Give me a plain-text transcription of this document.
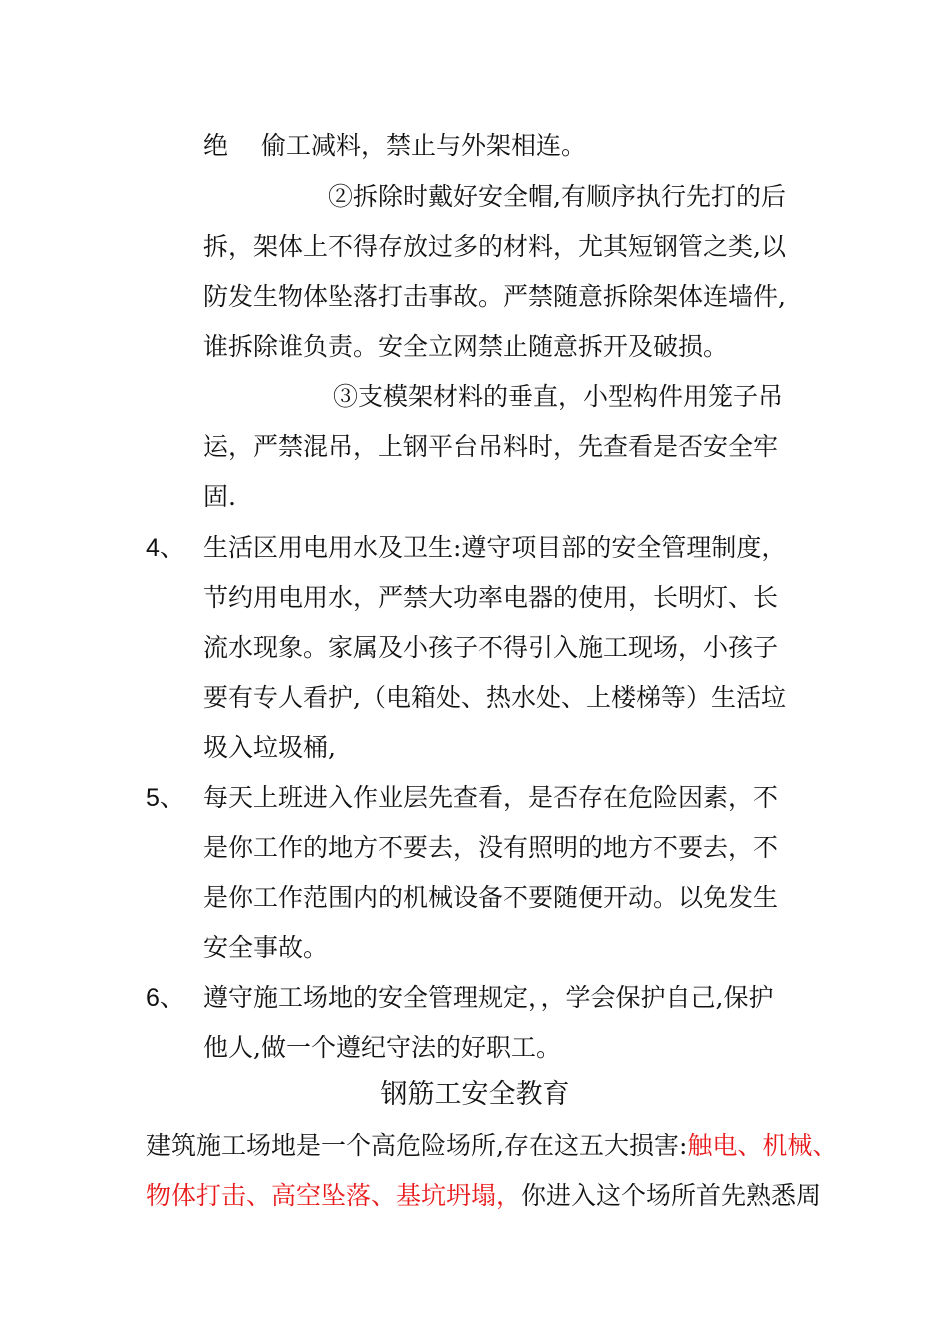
绝　 偷工减料，禁止与外架相连。
②拆除时戴好安全帽,有顺序执行先打的后
拆，架体上不得存放过多的材料，尤其短钢管之类,以
防发生物体坠落打击事故。严禁随意拆除架体连墙件,
谁拆除谁负责。安全立网禁止随意拆开及破损。
③支模架材料的垂直，小型构件用笼子吊
运，严禁混吊，上钢平台吊料时，先查看是否安全牢
固.
4、 生活区用电用水及卫生:遵守项目部的安全管理制度，
节约用电用水，严禁大功率电器的使用，长明灯、长
流水现象。家属及小孩子不得引入施工现场，小孩子
要有专人看护,（电箱处、热水处、上楼梯等）生活垃
圾入垃圾桶,
5、 每天上班进入作业层先查看，是否存在危险因素，不
是你工作的地方不要去，没有照明的地方不要去，不
是你工作范围内的机械设备不要随便开动。以免发生
安全事故。
6、 遵守施工场地的安全管理规定，，学会保护自己,保护
他人,做一个遵纪守法的好职工。
钢筋工安全教育
建筑施工场地是一个高危险场所,存在这五大损害:触电、机械、
物体打击、高空坠落、基坑坍塌，你进入这个场所首先熟悉周
